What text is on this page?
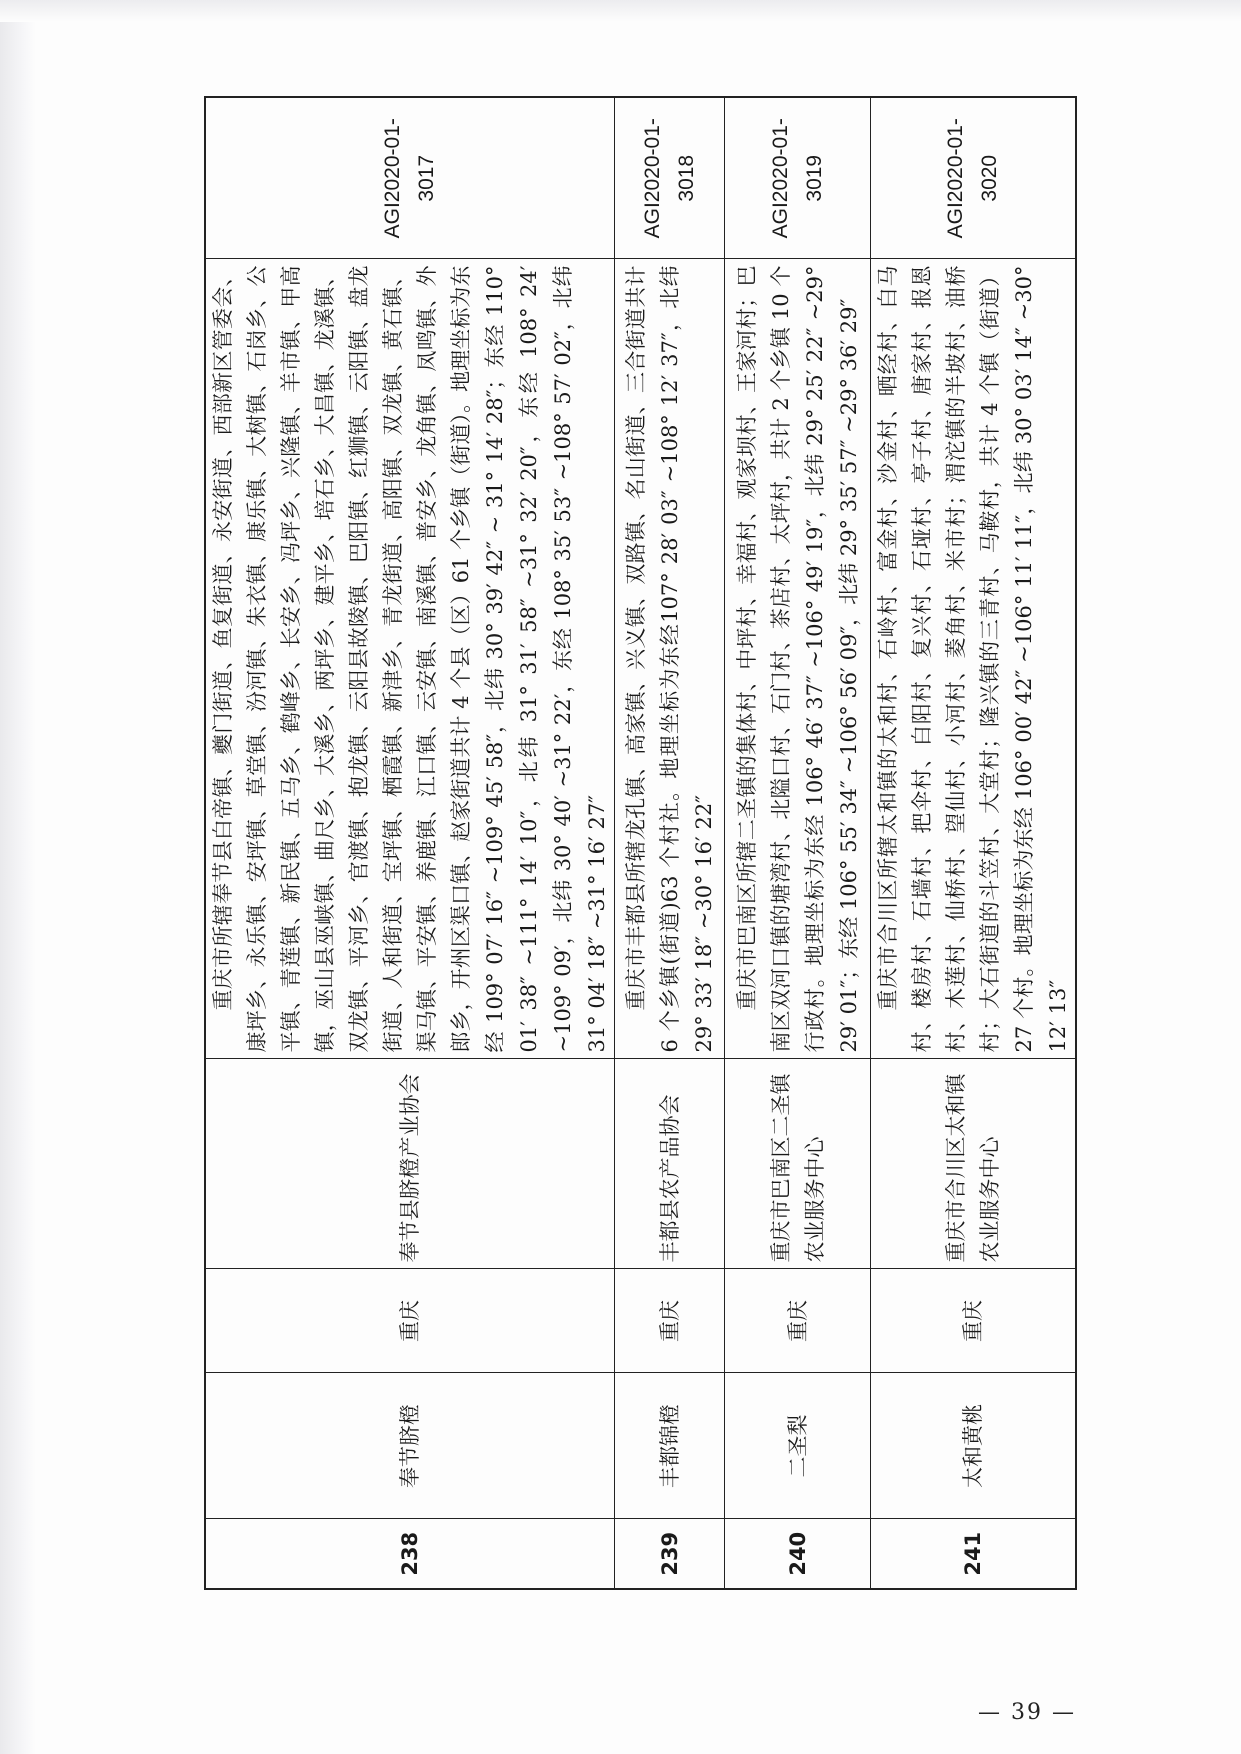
238	奉节脐橙	重庆	奉节县脐橙产业协会	重庆市所辖奉节县白帝镇、夔门街道、鱼复街道、永安街道、西部新区管委会、康坪乡、永乐镇、安坪镇、草堂镇、汾河镇、朱衣镇、康乐镇、大树镇、石岗乡、公平镇、青莲镇、新民镇、五马乡、鹤峰乡、长安乡、冯坪乡、兴隆镇、羊市镇、甲高镇，巫山县巫峡镇、曲尺乡、大溪乡、两坪乡、建平乡、培石乡、大昌镇、龙溪镇、双龙镇、平河乡、官渡镇、抱龙镇、云阳县故陵镇、巴阳镇、红狮镇、云阳镇、盘龙街道、人和街道、宝坪镇、栖霞镇、新津乡、青龙街道、高阳镇、双龙镇、黄石镇、渠马镇、平安镇、养鹿镇、江口镇、云安镇、南溪镇、普安乡、龙角镇、凤鸣镇、外郎乡，开州区渠口镇、赵家街道共计 4 个县（区）61 个乡镇（街道）。地理坐标为东经 109° 07′ 16″ ~109° 45′ 58″，北纬 30° 39′ 42″ ~ 31° 14′ 28″；东经 110° 01′ 38″ ~111° 14′ 10″，北纬 31° 31′ 58″ ~31° 32′ 20″，东经 108° 24′ ~109° 09′，北纬 30° 40′ ~31° 22′，东经 108° 35′ 53″ ~108° 57′ 02″，北纬 31° 04′ 18″ ~31° 16′ 27″	AGI2020-01-3017
239	丰都锦橙	重庆	丰都县农产品协会	重庆市丰都县所辖龙孔镇、高家镇、兴义镇、双路镇、名山街道、三合街道共计 6 个乡镇(街道)63 个村社。地理坐标为东经107° 28′ 03″ ~108° 12′ 37″，北纬29° 33′ 18″ ~30° 16′ 22″	AGI2020-01-3018
240	二圣梨	重庆	重庆市巴南区二圣镇农业服务中心	重庆市巴南区所辖二圣镇的集体村、中坪村、幸福村、观家坝村、王家河村；巴南区双河口镇的塘湾村、北隘口村、石门村、茶店村、太坪村，共计 2 个乡镇 10 个行政村。地理坐标为东经 106° 46′ 37″ ~106° 49′ 19″，北纬 29° 25′ 22″ ~29° 29′ 01″；东经 106° 55′ 34″ ~106° 56′ 09″，北纬 29° 35′ 57″ ~29° 36′ 29″	AGI2020-01-3019
241	太和黄桃	重庆	重庆市合川区太和镇农业服务中心	重庆市合川区所辖太和镇的太和村、石岭村、富金村、沙金村、晒经村、白马村、楼房村、石墙村、把伞村、白阳村、复兴村、石垭村、亭子村、唐家村、报恩村、木莲村、仙桥村、望仙村、小河村、菱角村、米市村；渭沱镇的半坡村、油桥村；大石街道的斗笠村、大堂村；隆兴镇的三青村、马鞍村，共计 4 个镇（街道）27 个村。地理坐标为东经 106° 00′ 42″ ~106° 11′ 11″，北纬 30° 03′ 14″ ~30° 12′ 13″	AGI2020-01-3020
— 39 —
